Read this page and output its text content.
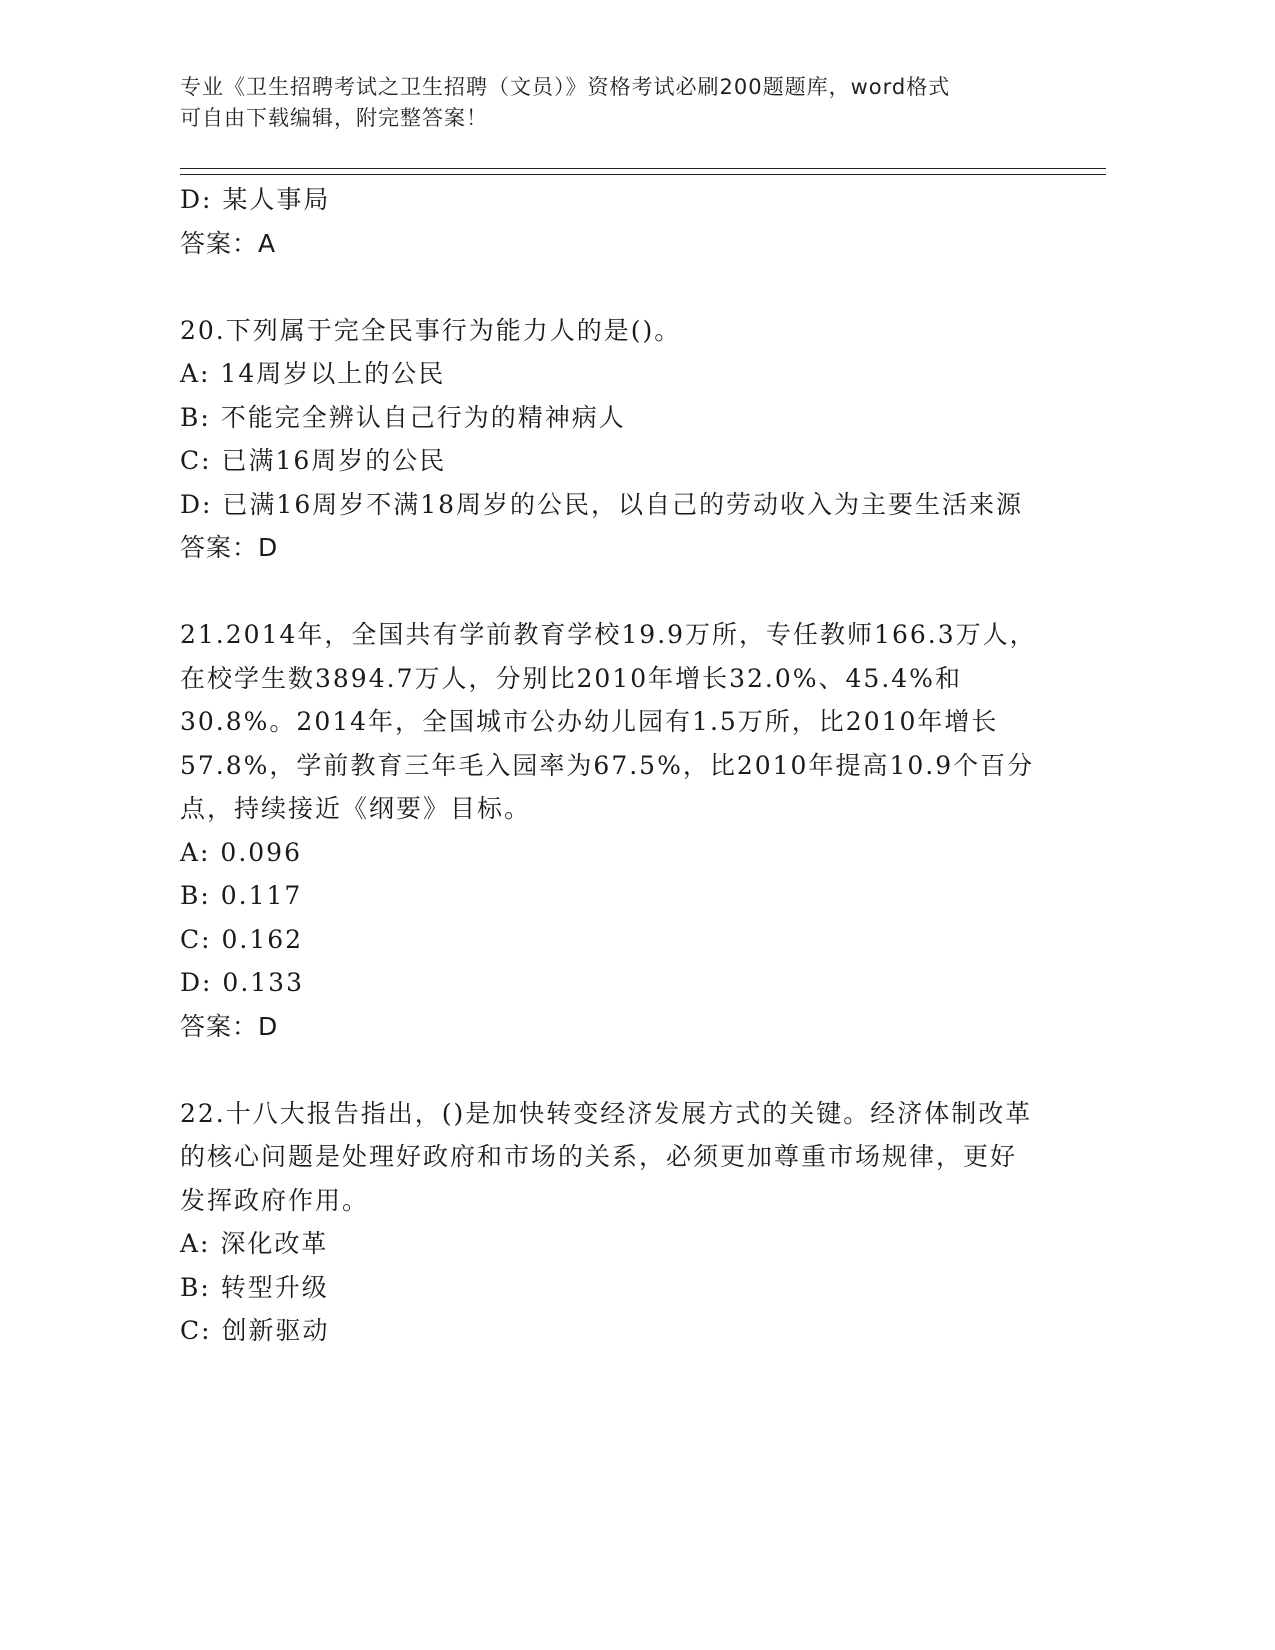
专业《卫生招聘考试之卫生招聘（文员）》资格考试必刷200题题库，word格式
可自由下载编辑，附完整答案！
D: 某人事局
答案：A
20.下列属于完全民事行为能力人的是()。
A: 14周岁以上的公民
B: 不能完全辨认自己行为的精神病人
C: 已满16周岁的公民
D: 已满16周岁不满18周岁的公民，以自己的劳动收入为主要生活来源
答案：D
21.2014年，全国共有学前教育学校19.9万所，专任教师166.3万人，在校学生数3894.7万人，分别比2010年增长32.0%、45.4%和30.8%。2014年，全国城市公办幼儿园有1.5万所，比2010年增长57.8%，学前教育三年毛入园率为67.5%，比2010年提高10.9个百分点，持续接近《纲要》目标。
A: 0.096
B: 0.117
C: 0.162
D: 0.133
答案：D
22.十八大报告指出，()是加快转变经济发展方式的关键。经济体制改革的核心问题是处理好政府和市场的关系，必须更加尊重市场规律，更好发挥政府作用。
A: 深化改革
B: 转型升级
C: 创新驱动
